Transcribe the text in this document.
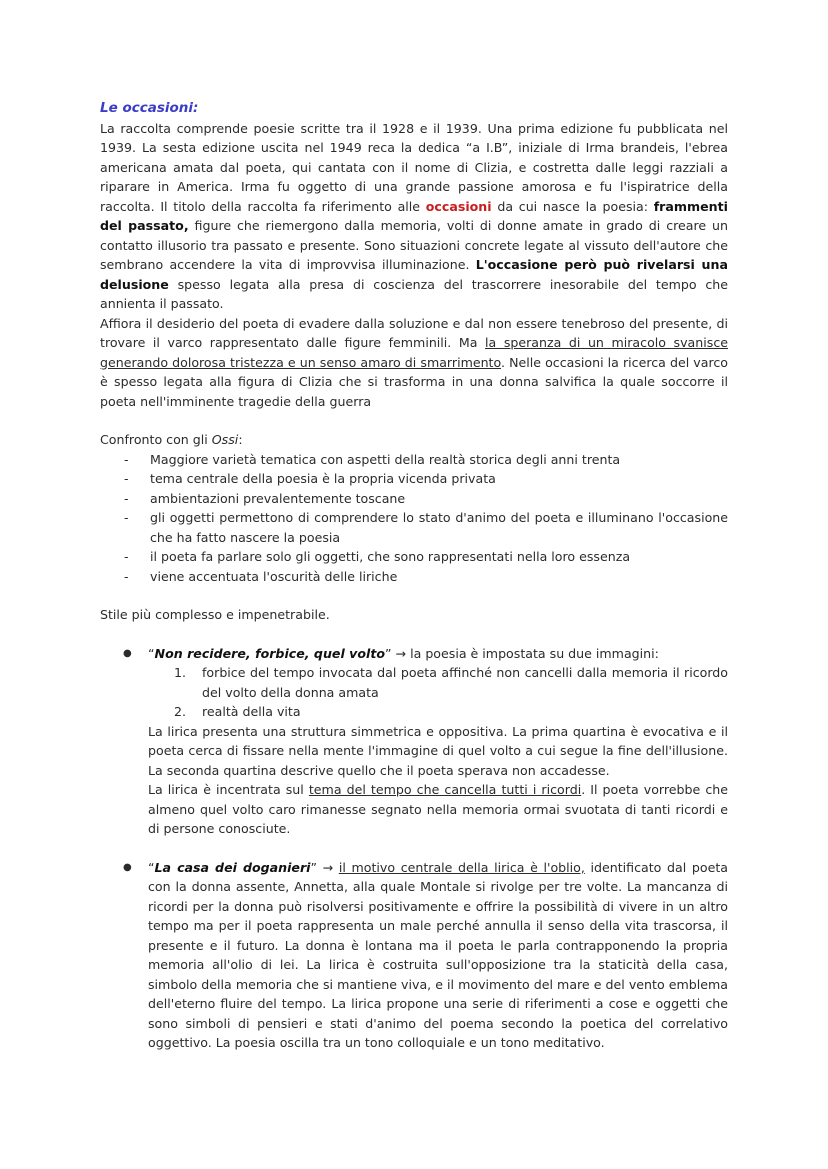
Le occasioni:

La raccolta comprende poesie scritte tra il 1928 e il 1939. Una prima edizione fu pubblicata nel 1939. La sesta edizione uscita nel 1949 reca la dedica “a I.B”, iniziale di Irma brandeis, l'ebrea americana amata dal poeta, qui cantata con il nome di Clizia, e costretta dalle leggi razziali a riparare in America. Irma fu oggetto di una grande passione amorosa e fu l'ispiratrice della raccolta. Il titolo della raccolta fa riferimento alle occasioni da cui nasce la poesia: frammenti del passato, figure che riemergono dalla memoria, volti di donne amate in grado di creare un contatto illusorio tra passato e presente. Sono situazioni concrete legate al vissuto dell'autore che sembrano accendere la vita di improvvisa illuminazione. L'occasione però può rivelarsi una delusione spesso legata alla presa di coscienza del trascorrere inesorabile del tempo che annienta il passato.

Affiora il desiderio del poeta di evadere dalla soluzione e dal non essere tenebroso del presente, di trovare il varco rappresentato dalle figure femminili. Ma la speranza di un miracolo svanisce generando dolorosa tristezza e un senso amaro di smarrimento. Nelle occasioni la ricerca del varco è spesso legata alla figura di Clizia che si trasforma in una donna salvifica la quale soccorre il poeta nell'imminente tragedie della guerra

Confronto con gli Ossi:

- Maggiore varietà tematica con aspetti della realtà storica degli anni trenta
- tema centrale della poesia è la propria vicenda privata
- ambientazioni prevalentemente toscane
- gli oggetti permettono di comprendere lo stato d'animo del poeta e illuminano l'occasione che ha fatto nascere la poesia
- il poeta fa parlare solo gli oggetti, che sono rappresentati nella loro essenza
- viene accentuata l'oscurità delle liriche

Stile più complesso e impenetrabile.

● “Non recidere, forbice, quel volto” → la poesia è impostata su due immagini:
1. forbice del tempo invocata dal poeta affinché non cancelli dalla memoria il ricordo del volto della donna amata
2. realtà della vita

La lirica presenta una struttura simmetrica e oppositiva. La prima quartina è evocativa e il poeta cerca di fissare nella mente l'immagine di quel volto a cui segue la fine dell'illusione. La seconda quartina descrive quello che il poeta sperava non accadesse.

La lirica è incentrata sul tema del tempo che cancella tutti i ricordi. Il poeta vorrebbe che almeno quel volto caro rimanesse segnato nella memoria ormai svuotata di tanti ricordi e di persone conosciute.

● “La casa dei doganieri” → il motivo centrale della lirica è l'oblio, identificato dal poeta con la donna assente, Annetta, alla quale Montale si rivolge per tre volte. La mancanza di ricordi per la donna può risolversi positivamente e offrire la possibilità di vivere in un altro tempo ma per il poeta rappresenta un male perché annulla il senso della vita trascorsa, il presente e il futuro. La donna è lontana ma il poeta le parla contrapponendo la propria memoria all'olio di lei. La lirica è costruita sull'opposizione tra la staticità della casa, simbolo della memoria che si mantiene viva, e il movimento del mare e del vento emblema dell'eterno fluire del tempo. La lirica propone una serie di riferimenti a cose e oggetti che sono simboli di pensieri e stati d'animo del poema secondo la poetica del correlativo oggettivo. La poesia oscilla tra un tono colloquiale e un tono meditativo.
